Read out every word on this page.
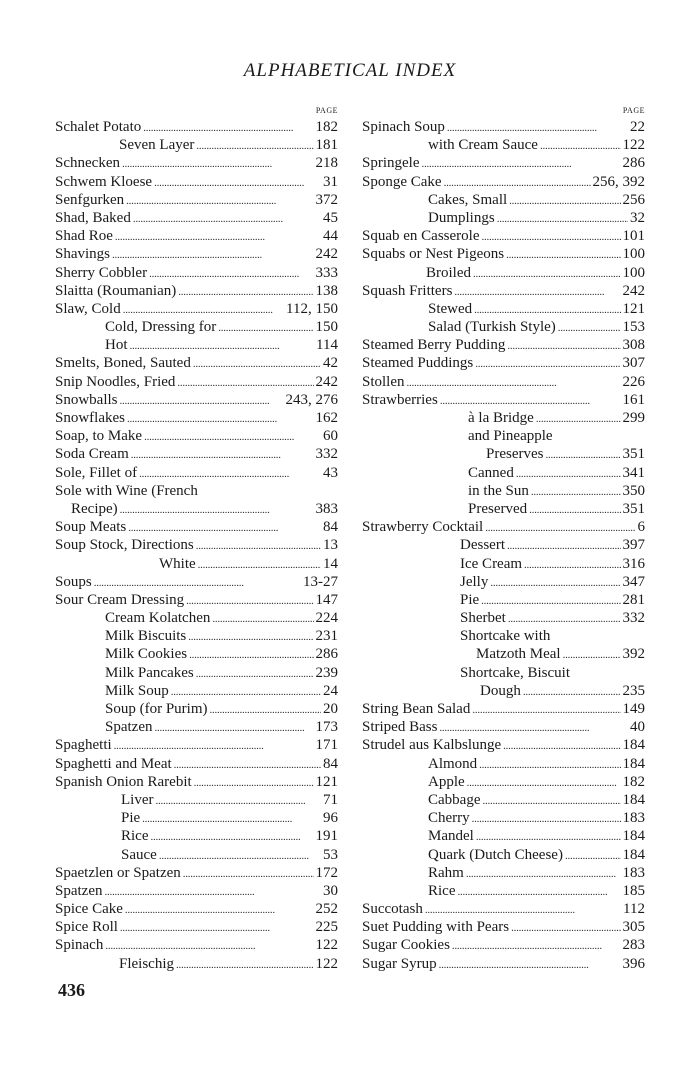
ALPHABETICAL INDEX
PAGE
Schalet Potato . . .	182
Seven Layer . . .	181
Schnecken . . .	218
Schwem Kloese . . .	31
Senfgurken . . .	372
Shad, Baked . . .	45
Shad Roe . . .	44
Shavings . . .	242
Sherry Cobbler . . .	333
Slaitta (Roumanian) . . .	138
Slaw, Cold . . .	112, 150
Cold, Dressing for . . .	150
Hot . . .	114
Smelts, Boned, Sauted . . .	42
Snip Noodles, Fried . . .	242
Snowballs . . .	243, 276
Snowflakes . . .	162
Soap, to Make . . .	60
Soda Cream . . .	332
Sole, Fillet of . . .	43
Sole with Wine (French
Recipe) . . .	383
Soup Meats . . .	84
Soup Stock, Directions . . .	13
White . . .	14
Soups . . .	13-27
Sour Cream Dressing . . .	147
Cream Kolatchen . . .	224
Milk Biscuits . . .	231
Milk Cookies . . .	286
Milk Pancakes . . .	239
Milk Soup . . .	24
Soup (for Purim) . . .	20
Spatzen . . .	173
Spaghetti . . .	171
Spaghetti and Meat . . .	84
Spanish Onion Rarebit . . .	121
Liver . . .	71
Pie . . .	96
Rice . . .	191
Sauce . . .	53
Spaetzlen or Spatzen . . .	172
Spatzen . . .	30
Spice Cake . . .	252
Spice Roll . . .	225
Spinach . . .	122
Fleischig . . .	122
PAGE
Spinach Soup . . .	22
with Cream Sauce . . .	122
Springele . . .	286
Sponge Cake . . .	256, 392
Cakes, Small . . .	256
Dumplings . . .	32
Squab en Casserole . . .	101
Squabs or Nest Pigeons . . .	100
Broiled . . .	100
Squash Fritters . . .	242
Stewed . . .	121
Salad (Turkish Style) . . .	153
Steamed Berry Pudding . . .	308
Steamed Puddings . . .	307
Stollen . . .	226
Strawberries . . .	161
à la Bridge . . .	299
and Pineapple
Preserves . . .	351
Canned . . .	341
in the Sun . . .	350
Preserved . . .	351
Strawberry Cocktail . . .	6
Dessert . . .	397
Ice Cream . . .	316
Jelly . . .	347
Pie . . .	281
Sherbet . . .	332
Shortcake with
Matzoth Meal . . .	392
Shortcake, Biscuit
Dough . . .	235
String Bean Salad . . .	149
Striped Bass . . .	40
Strudel aus Kalbslunge . . .	184
Almond . . .	184
Apple . . .	182
Cabbage . . .	184
Cherry . . .	183
Mandel . . .	184
Quark (Dutch Cheese) . . .	184
Rahm . . .	183
Rice . . .	185
Succotash . . .	112
Suet Pudding with Pears . . .	305
Sugar Cookies . . .	283
Sugar Syrup . . .	396
436
